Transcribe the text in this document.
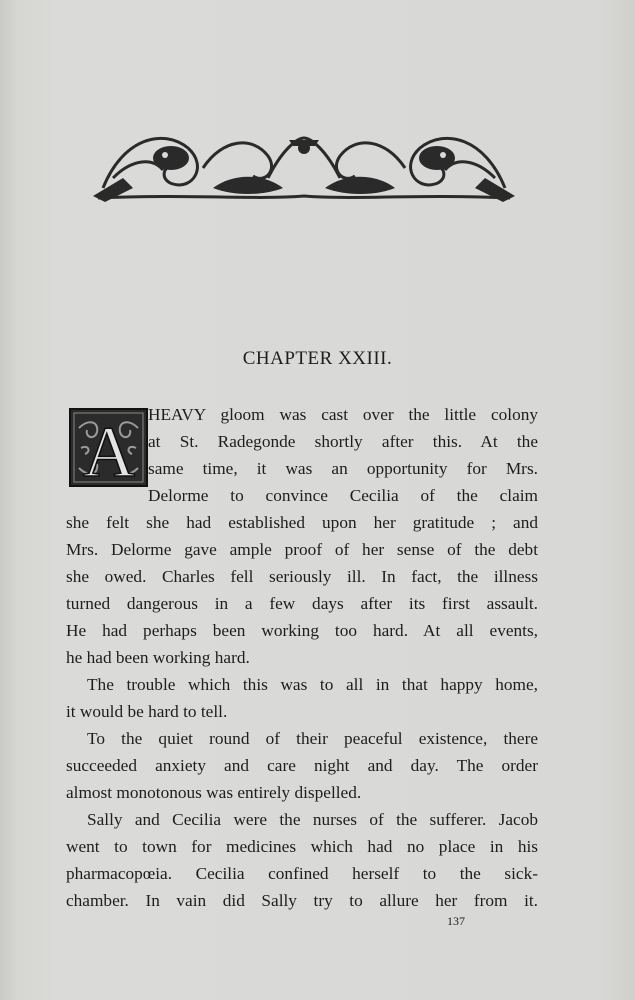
CHAPTER XXIII.
A HEAVY gloom was cast over the little colony
at St. Radegonde shortly after this. At the
same time, it was an opportunity for Mrs.
Delorme to convince Cecilia of the claim
she felt she had established upon her gratitude ; and
Mrs. Delorme gave ample proof of her sense of the debt
she owed. Charles fell seriously ill. In fact, the illness
turned dangerous in a few days after its first assault.
He had perhaps been working too hard. At all events,
he had been working hard.
The trouble which this was to all in that happy home,
it would be hard to tell.
To the quiet round of their peaceful existence, there
succeeded anxiety and care night and day. The order
almost monotonous was entirely dispelled.
Sally and Cecilia were the nurses of the sufferer. Jacob
went to town for medicines which had no place in his
pharmacopœia. Cecilia confined herself to the sick-
chamber. In vain did Sally try to allure her from it.
137
